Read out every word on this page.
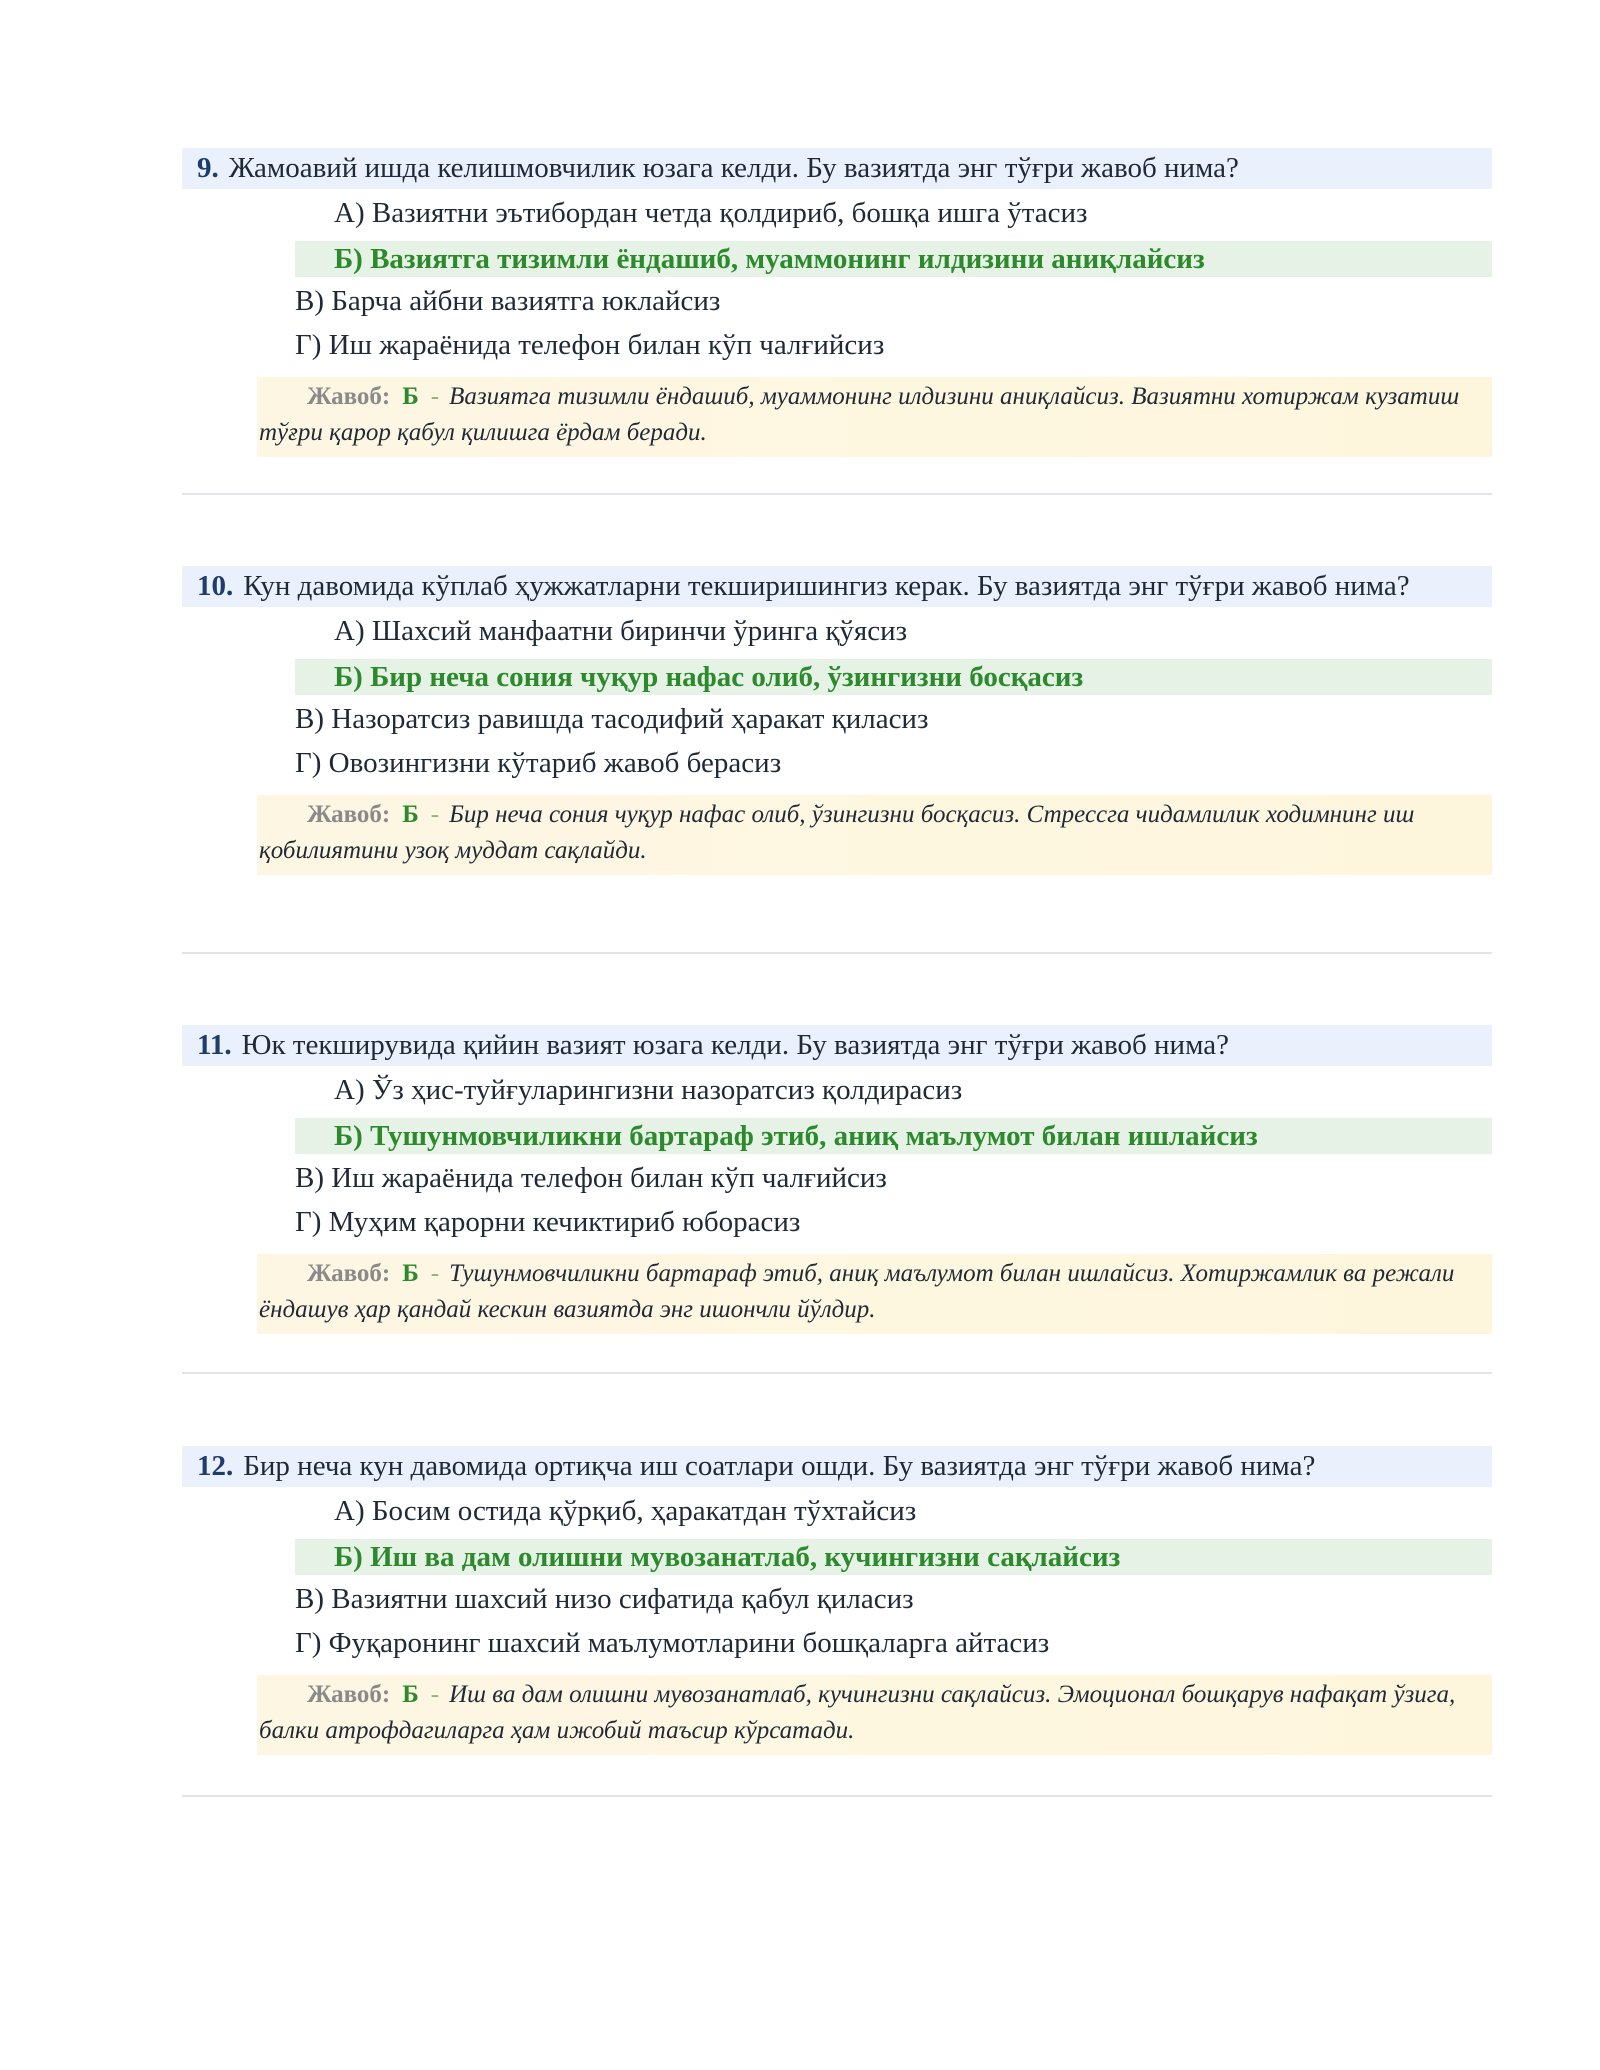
9. Жамоавий ишда келишмовчилик юзага келди. Бу вазиятда энг тўғри жавоб нима?
А) Вазиятни эътибордан четда қолдириб, бошқа ишга ўтасиз
Б) Вазиятга тизимли ёндашиб, муаммонинг илдизини аниқлайсиз
В) Барча айбни вазиятга юклайсиз
Г) Иш жараёнида телефон билан кўп чалғийсиз
Жавоб: Б - Вазиятга тизимли ёндашиб, муаммонинг илдизини аниқлайсиз. Вазиятни хотиржам кузатиш тўғри қарор қабул қилишга ёрдам беради.
10. Кун давомида кўплаб ҳужжатларни текширишингиз керак. Бу вазиятда энг тўғри жавоб нима?
А) Шахсий манфаатни биринчи ўринга қўясиз
Б) Бир неча сония чуқур нафас олиб, ўзингизни босқасиз
В) Назоратсиз равишда тасодифий ҳаракат қиласиз
Г) Овозингизни кўтариб жавоб берасиз
Жавоб: Б - Бир неча сония чуқур нафас олиб, ўзингизни босқасиз. Стрессга чидамлилик ходимнинг иш қобилиятини узоқ муддат сақлайди.
11. Юк текширувида қийин вазият юзага келди. Бу вазиятда энг тўғри жавоб нима?
А) Ўз ҳис-туйғуларингизни назоратсиз қолдирасиз
Б) Тушунмовчиликни бартараф этиб, аниқ маълумот билан ишлайсиз
В) Иш жараёнида телефон билан кўп чалғийсиз
Г) Муҳим қарорни кечиктириб юборасиз
Жавоб: Б - Тушунмовчиликни бартараф этиб, аниқ маълумот билан ишлайсиз. Хотиржамлик ва режали ёндашув ҳар қандай кескин вазиятда энг ишончли йўлдир.
12. Бир неча кун давомида ортиқча иш соатлари ошди. Бу вазиятда энг тўғри жавоб нима?
А) Босим остида қўрқиб, ҳаракатдан тўхтайсиз
Б) Иш ва дам олишни мувозанатлаб, кучингизни сақлайсиз
В) Вазиятни шахсий низо сифатида қабул қиласиз
Г) Фуқаронинг шахсий маълумотларини бошқаларга айтасиз
Жавоб: Б - Иш ва дам олишни мувозанатлаб, кучингизни сақлайсиз. Эмоционал бошқарув нафақат ўзига, балки атрофдагиларга ҳам ижобий таъсир кўрсатади.
